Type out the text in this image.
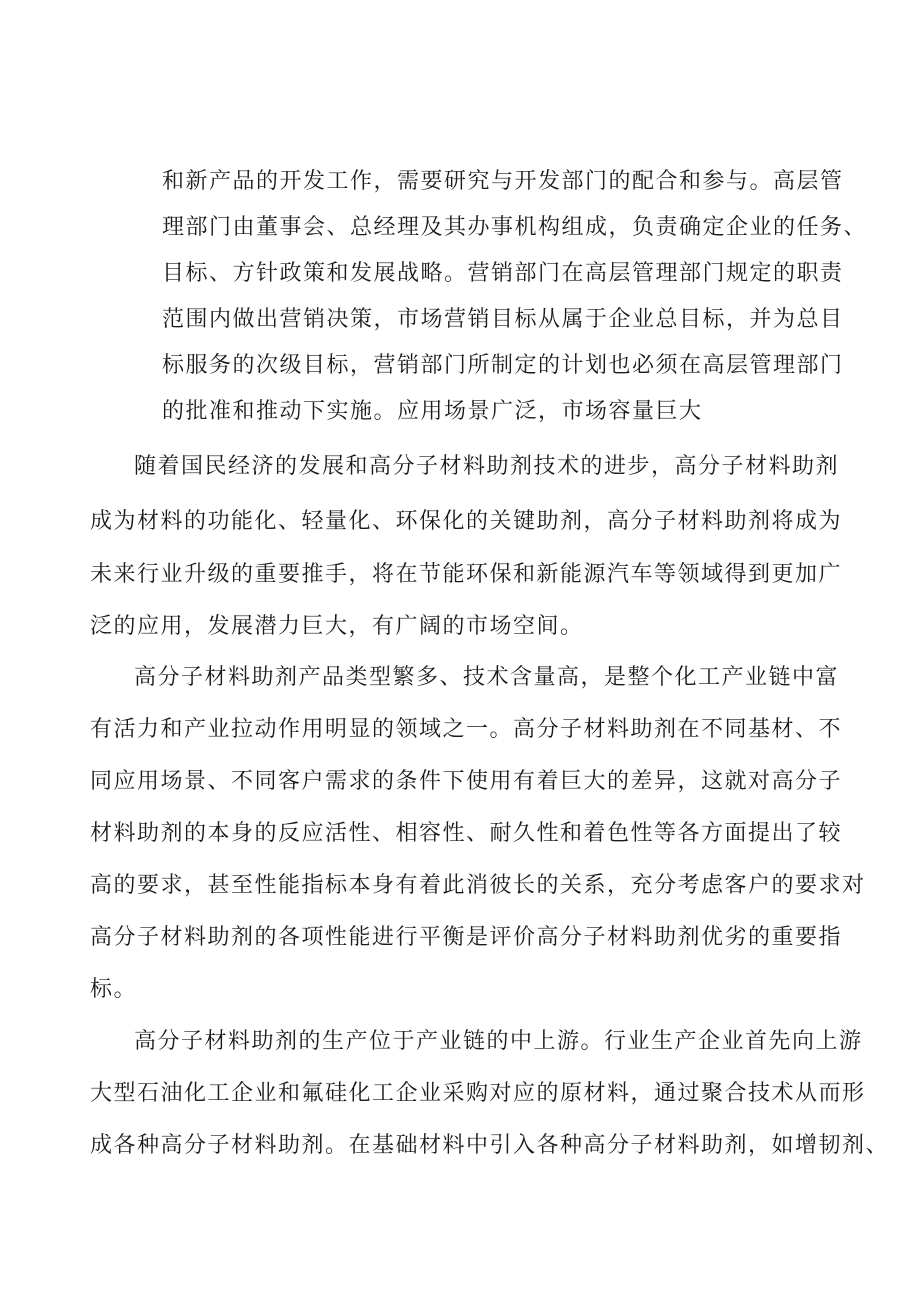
和新产品的开发工作，需要研究与开发部门的配合和参与。高层管
理部门由董事会、总经理及其办事机构组成，负责确定企业的任务、
目标、方针政策和发展战略。营销部门在高层管理部门规定的职责
范围内做出营销决策，市场营销目标从属于企业总目标，并为总目
标服务的次级目标，营销部门所制定的计划也必须在高层管理部门
的批准和推动下实施。应用场景广泛，市场容量巨大
随着国民经济的发展和高分子材料助剂技术的进步，高分子材料助剂
成为材料的功能化、轻量化、环保化的关键助剂，高分子材料助剂将成为
未来行业升级的重要推手，将在节能环保和新能源汽车等领域得到更加广
泛的应用，发展潜力巨大，有广阔的市场空间。
高分子材料助剂产品类型繁多、技术含量高，是整个化工产业链中富
有活力和产业拉动作用明显的领域之一。高分子材料助剂在不同基材、不
同应用场景、不同客户需求的条件下使用有着巨大的差异，这就对高分子
材料助剂的本身的反应活性、相容性、耐久性和着色性等各方面提出了较
高的要求，甚至性能指标本身有着此消彼长的关系，充分考虑客户的要求对
高分子材料助剂的各项性能进行平衡是评价高分子材料助剂优劣的重要指
标。
高分子材料助剂的生产位于产业链的中上游。行业生产企业首先向上游
大型石油化工企业和氟硅化工企业采购对应的原材料，通过聚合技术从而形
成各种高分子材料助剂。在基础材料中引入各种高分子材料助剂，如增韧剂、
